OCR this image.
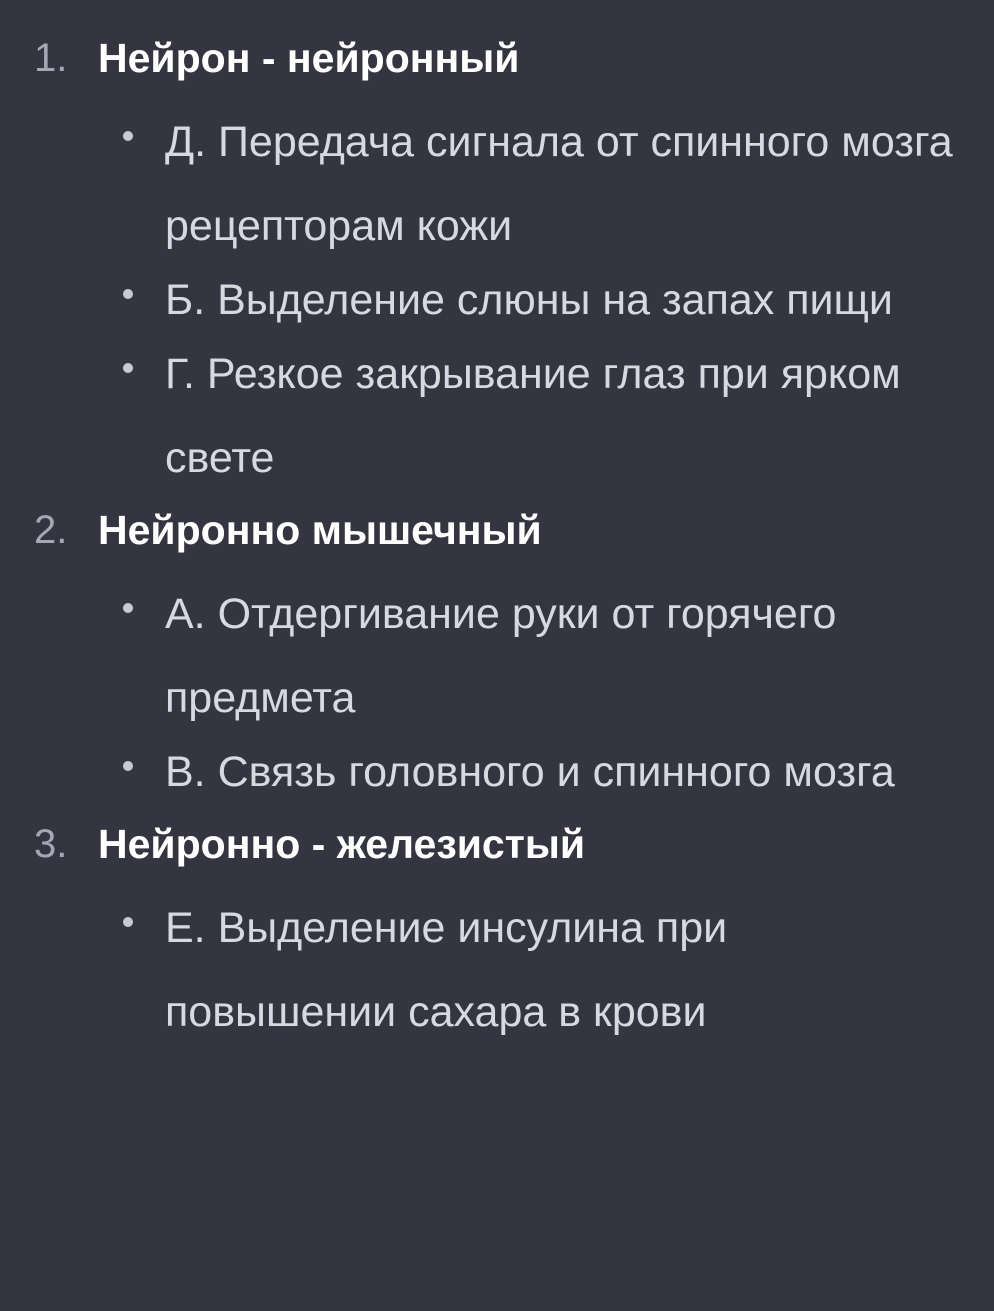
1. Нейрон - нейронный
Д. Передача сигнала от спинного мозга рецепторам кожи
Б. Выделение слюны на запах пищи
Г. Резкое закрывание глаз при ярком свете
2. Нейронно мышечный
А. Отдергивание руки от горячего предмета
В. Связь головного и спинного мозга
3. Нейронно - железистый
Е. Выделение инсулина при повышении сахара в крови
